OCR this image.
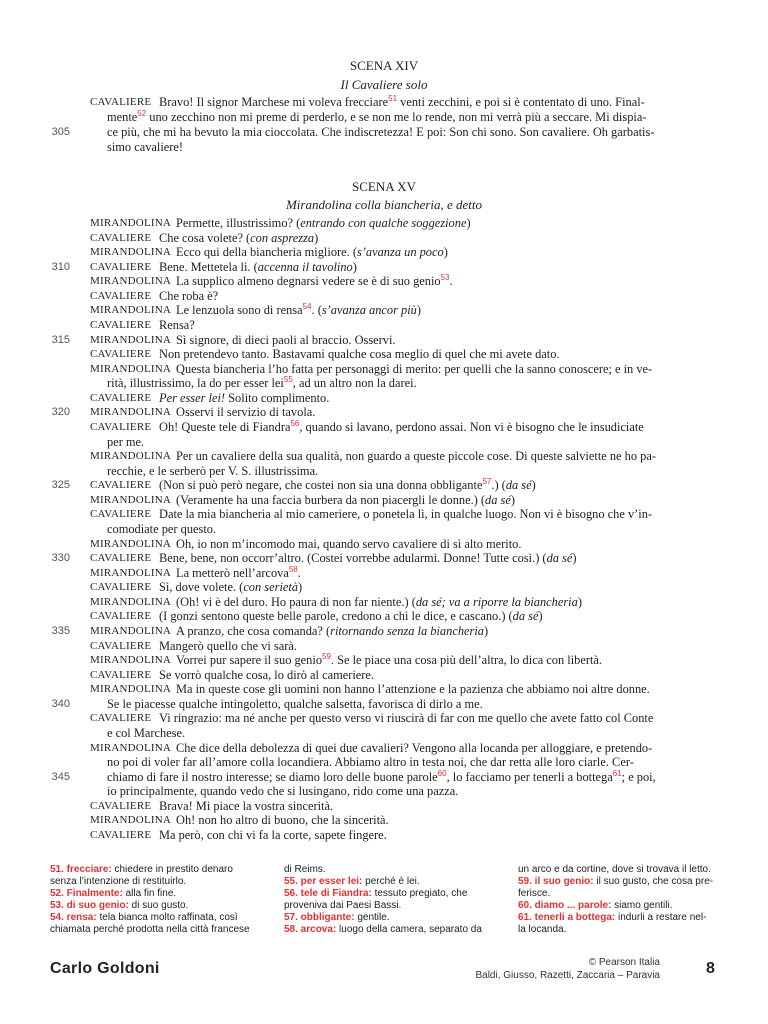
SCENA XIV
Il Cavaliere solo
SCENA XV
Mirandolina colla biancheria, e detto
CAVALIERE Bravo! Il signor Marchese mi voleva frecciare$^{51}$ venti zecchini, e poi si è contentato di uno. Final-
mente$^{52}$ uno zecchino non mi preme di perderlo, e se non me lo rende, non mi verrà più a seccare. Mi dispia-
305	ce più, che mi ha bevuto la mia cioccolata. Che indiscretezza! E poi: Son chi sono. Son cavaliere. Oh garbatis-
simo cavaliere!
MIRANDOLINA Permette, illustrissimo? (entrando con qualche soggezione)
CAVALIERE Che cosa volete? (con asprezza)
MIRANDOLINA Ecco qui della biancheria migliore. (s’avanza un poco)
310 CAVALIERE Bene. Mettetela lì. (accenna il tavolino)
MIRANDOLINA La supplico almeno degnarsi vedere se è di suo genio$^{53}$.
CAVALIERE Che roba è?
MIRANDOLINA Le lenzuola sono di rensa$^{54}$. (s’avanza ancor più)
CAVALIERE Rensa?
315 MIRANDOLINA Sì signore, di dieci paoli al braccio. Osservi.
CAVALIERE Non pretendevo tanto. Bastavami qualche cosa meglio di quel che mi avete dato.
MIRANDOLINA Questa biancheria l’ho fatta per personaggi di merito: per quelli che la sanno conoscere; e in ve-
rità, illustrissimo, la do per esser lei$^{55}$, ad un altro non la darei.
CAVALIERE Per esser lei! Solito complimento.
320 MIRANDOLINA Osservi il servizio di tavola.
CAVALIERE Oh! Queste tele di Fiandra$^{56}$, quando si lavano, perdono assai. Non vi è bisogno che le insudiciate
per me.
MIRANDOLINA Per un cavaliere della sua qualità, non guardo a queste piccole cose. Di queste salviette ne ho pa-
recchie, e le serberò per V. S. illustrissima.
325 CAVALIERE (Non si può però negare, che costei non sia una donna obbligante$^{57}$.) (da sé)
MIRANDOLINA (Veramente ha una faccia burbera da non piacergli le donne.) (da sé)
CAVALIERE Date la mia biancheria al mio cameriere, o ponetela lì, in qualche luogo. Non vi è bisogno che v’in-
comodiate per questo.
MIRANDOLINA Oh, io non m’incomodo mai, quando servo cavaliere di sì alto merito.
330 CAVALIERE Bene, bene, non occorr’altro. (Costei vorrebbe adularmi. Donne! Tutte così.) (da sé)
MIRANDOLINA La metterò nell’arcova$^{58}$.
CAVALIERE Sì, dove volete. (con serietà)
MIRANDOLINA (Oh! vi è del duro. Ho paura di non far niente.) (da sé; va a riporre la biancheria)
CAVALIERE (I gonzi sentono queste belle parole, credono a chi le dice, e cascano.) (da sé)
335 MIRANDOLINA A pranzo, che cosa comanda? (ritornando senza la biancheria)
CAVALIERE Mangerò quello che vi sarà.
MIRANDOLINA Vorrei pur sapere il suo genio$^{59}$. Se le piace una cosa più dell’altra, lo dica con libertà.
CAVALIERE Se vorrò qualche cosa, lo dirò al cameriere.
MIRANDOLINA Ma in queste cose gli uomini non hanno l’attenzione e la pazienza che abbiamo noi altre donne.
340	Se le piacesse qualche intingoletto, qualche salsetta, favorisca di dirlo a me.
CAVALIERE Vi ringrazio: ma né anche per questo verso vi riuscirà di far con me quello che avete fatto col Conte
e col Marchese.
MIRANDOLINA Che dice della debolezza di quei due cavalieri? Vengono alla locanda per alloggiare, e pretendo-
no poi di voler far all’amore colla locandiera. Abbiamo altro in testa noi, che dar retta alle loro ciarle. Cer-
345	chiamo di fare il nostro interesse; se diamo loro delle buone parole$^{60}$, lo facciamo per tenerli a bottega$^{61}$; e poi,
io principalmente, quando vedo che si lusingano, rido come una pazza.
CAVALIERE Brava! Mi piace la vostra sincerità.
MIRANDOLINA Oh! non ho altro di buono, che la sincerità.
CAVALIERE Ma però, con chi vi fa la corte, sapete fingere.
51. frecciare: chiedere in prestito denaro
senza l’intenzione di restituirlo.
52. Finalmente: alla fin fine.
53. di suo genio: di suo gusto.
54. rensa: tela bianca molto raffinata, così
chiamata perché prodotta nella città francese
di Reims.
55. per esser lei: perché è lei.
56. tele di Fiandra: tessuto pregiato, che
proveniva dai Paesi Bassi.
57. obbligante: gentile.
58. arcova: luogo della camera, separato da
un arco e da cortine, dove si trovava il letto.
59. il suo genio: il suo gusto, che cosa pre-
ferisce.
60. diamo ... parole: siamo gentili.
61. tenerli a bottega: indurli a restare nel-
la locanda.
Carlo Goldoni	© Pearson Italia
Baldi, Giusso, Razetti, Zaccaria – Paravia	8
